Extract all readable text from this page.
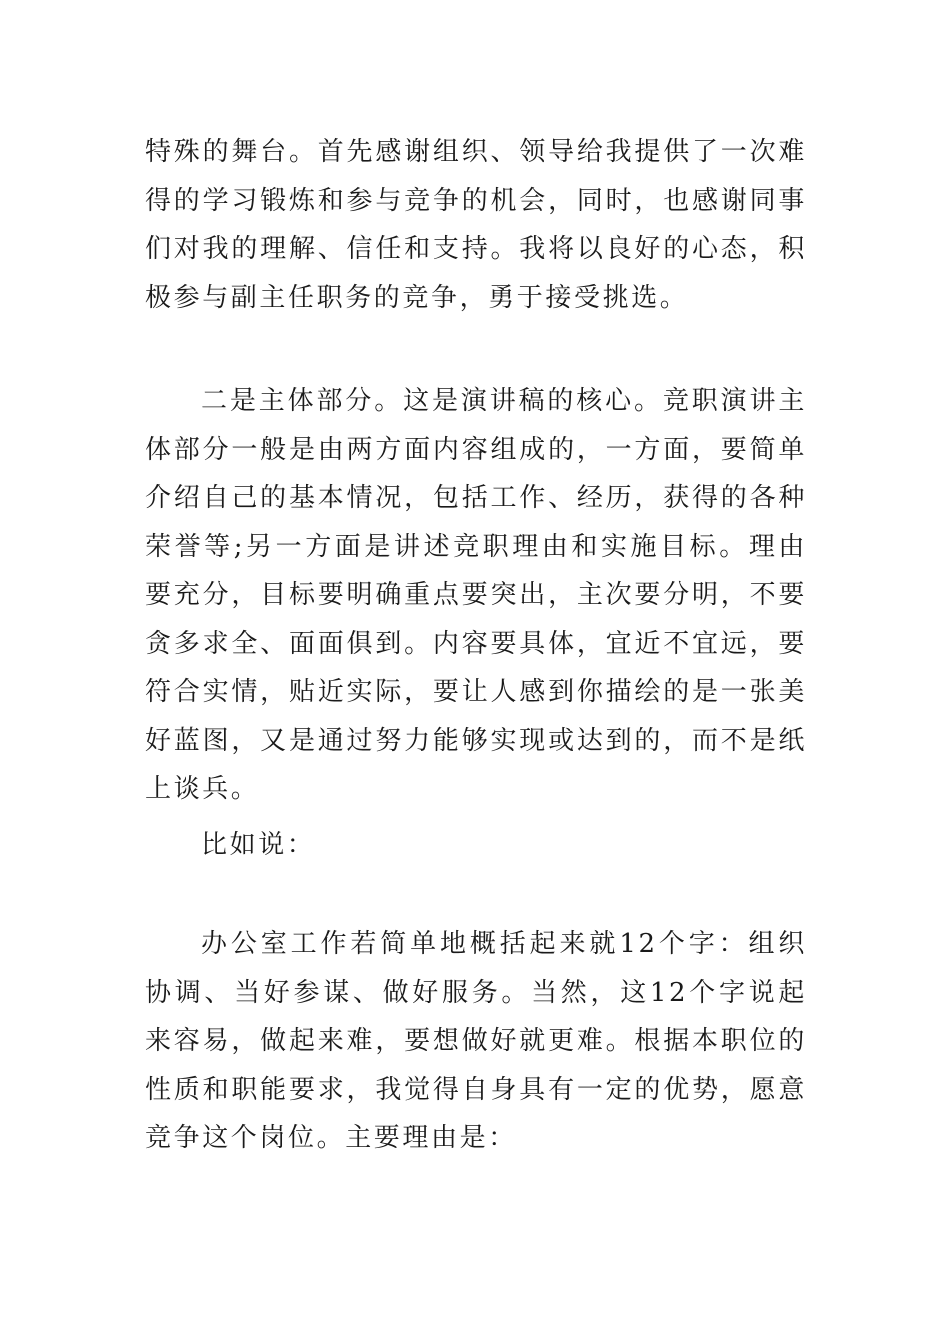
特殊的舞台。首先感谢组织、领导给我提供了一次难得的学习锻炼和参与竞争的机会，同时，也感谢同事们对我的理解、信任和支持。我将以良好的心态，积极参与副主任职务的竞争，勇于接受挑选。

二是主体部分。这是演讲稿的核心。竞职演讲主体部分一般是由两方面内容组成的，一方面，要简单介绍自己的基本情况，包括工作、经历，获得的各种荣誉等;另一方面是讲述竞职理由和实施目标。理由要充分，目标要明确重点要突出，主次要分明，不要贪多求全、面面俱到。内容要具体，宜近不宜远，要符合实情，贴近实际，要让人感到你描绘的是一张美好蓝图，又是通过努力能够实现或达到的，而不是纸上谈兵。

比如说：

办公室工作若简单地概括起来就12个字：组织协调、当好参谋、做好服务。当然，这12个字说起来容易，做起来难，要想做好就更难。根据本职位的性质和职能要求，我觉得自身具有一定的优势，愿意竞争这个岗位。主要理由是：
